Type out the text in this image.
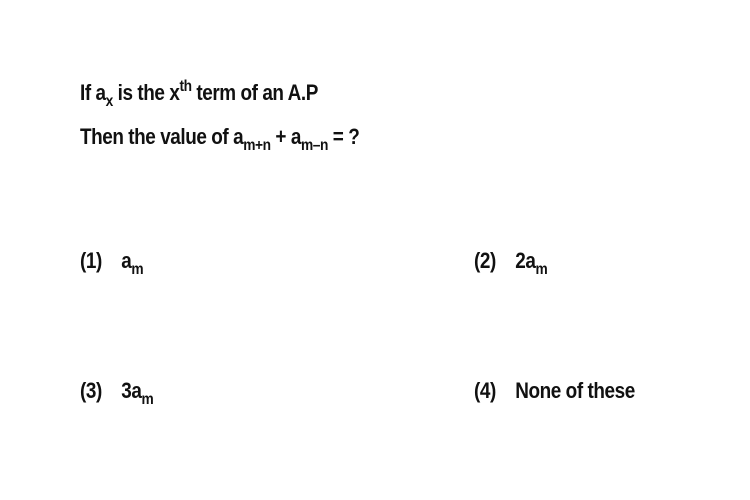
If $a_x$ is the $x^{th}$ term of an A.P
Then the value of $a_{m+n} + a_{m-n}$ = ?
(1) $a_m$	(2) $2a_m$
(3) $3a_m$	(4) None of these
